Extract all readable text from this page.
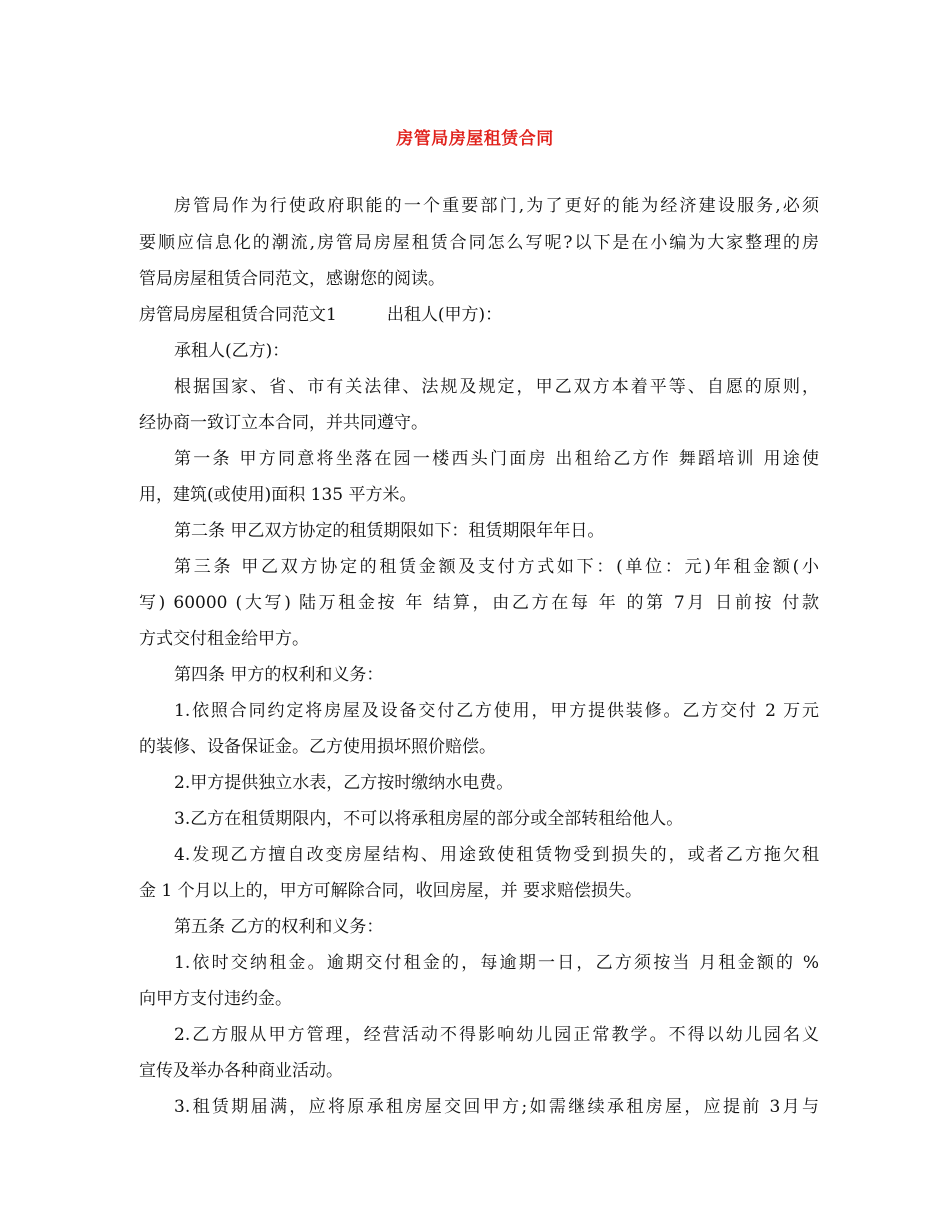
房管局房屋租赁合同
房管局作为行使政府职能的一个重要部门,为了更好的能为经济建设服务,必须
要顺应信息化的潮流,房管局房屋租赁合同怎么写呢?以下是在小编为大家整理的房
管局房屋租赁合同范文，感谢您的阅读。
房管局房屋租赁合同范文1	出租人(甲方)：
承租人(乙方)：
根据国家、省、市有关法律、法规及规定，甲乙双方本着平等、自愿的原则，
经协商一致订立本合同，并共同遵守。
第一条 甲方同意将坐落在园一楼西头门面房 出租给乙方作 舞蹈培训 用途使
用，建筑(或使用)面积 135 平方米。
第二条 甲乙双方协定的租赁期限如下：租赁期限年年日。
第三条 甲乙双方协定的租赁金额及支付方式如下：(单位：元)年租金额(小
写) 60000 (大写) 陆万租金按 年 结算，由乙方在每 年 的第 7月 日前按 付款
方式交付租金给甲方。
第四条 甲方的权利和义务：
1.依照合同约定将房屋及设备交付乙方使用，甲方提供装修。乙方交付 2 万元
的装修、设备保证金。乙方使用损坏照价赔偿。
2.甲方提供独立水表，乙方按时缴纳水电费。
3.乙方在租赁期限内，不可以将承租房屋的部分或全部转租给他人。
4.发现乙方擅自改变房屋结构、用途致使租赁物受到损失的，或者乙方拖欠租
金 1 个月以上的，甲方可解除合同，收回房屋，并 要求赔偿损失。
第五条 乙方的权利和义务：
1.依时交纳租金。逾期交付租金的，每逾期一日，乙方须按当 月租金额的 %
向甲方支付违约金。
2.乙方服从甲方管理，经营活动不得影响幼儿园正常教学。不得以幼儿园名义
宣传及举办各种商业活动。
3.租赁期届满，应将原承租房屋交回甲方;如需继续承租房屋，应提前 3月与
